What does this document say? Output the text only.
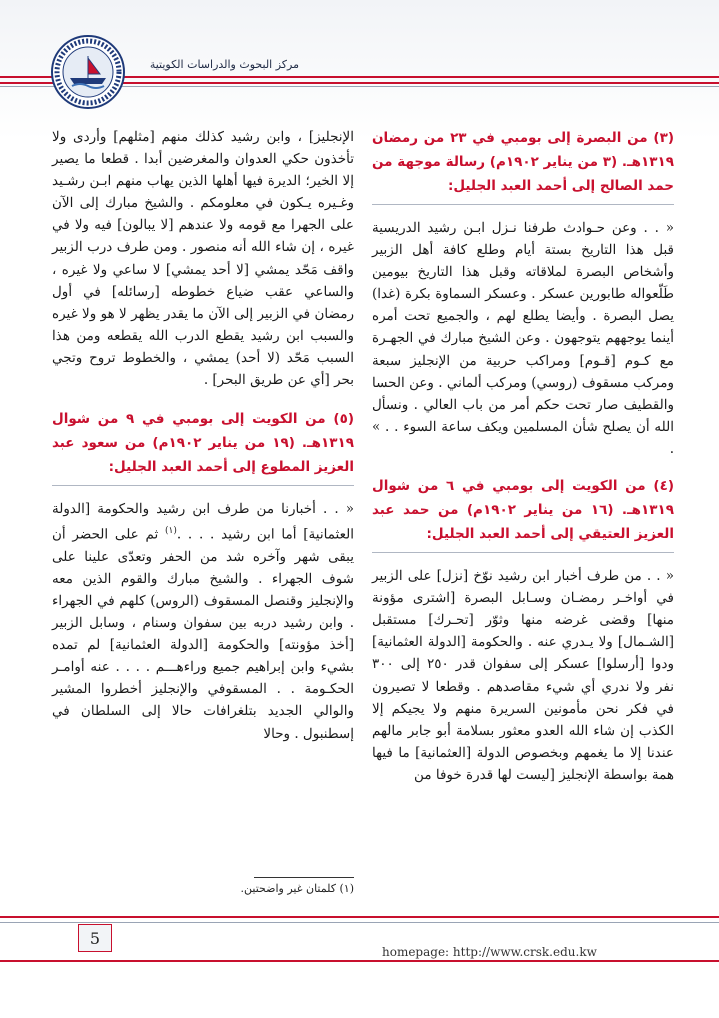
مركز البحوث والدراسات الكويتية
(٣) من البصرة إلى بومبي في ٢٣ من رمضان ١٣١٩هـ. (٣ من يناير ١٩٠٢م) رسالة موجهة من حمد الصالح إلى أحمد العبد الجليل:

« . . وعن حـوادث طرفنا نـزل ابـن رشيد الدريسية قبل هذا التاريخ بستة أيام وطلع كافة أهل الزبير وأشخاص البصرة لملاقاته وقبل هذا التاريخ بيومين طَلّعواله طابورين عسكر . وعسكر السماوة بكرة (غدا) يصل البصرة . وأيضا يطلع لهم ، والجميع تحت أمره أينما يوجههم يتوجهون . وعن الشيخ مبارك في الجهـرة مع كـوم [قـوم] ومراكب حربية من الإنجليز سبعة ومركب مسقوف (روسي) ومركب ألماني . وعن الحسا والقطيف صار تحت حكم أمر من باب العالي . ونسأل الله أن يصلح شأن المسلمين ويكف ساعة السوء . . » .

(٤) من الكويت إلى بومبي في ٦ من شوال ١٣١٩هـ. (١٦ من يناير ١٩٠٢م) من حمد عبد العزيز العتيقي إلى أحمد العبد الجليل:

« . . من طرف أخبار ابن رشيد نوّخ [نزل] على الزبير في أواخـر رمضـان وسـابل البصرة [اشترى مؤونة منها] وقضى غرضه منها وثوّر [تحـرك] مستقبل [الشـمال] ولا يـدري عنه . والحكومة [الدولة العثمانية] ودوا [أرسلوا] عسكر إلى سفوان قدر ٢٥٠ إلى ٣٠٠ نفر ولا ندري أي شيء مقاصدهم . وقطعا لا تصيرون في فكر نحن مأمونين السريرة منهم ولا يجيكم إلا الكذب إن شاء الله العدو معثور بسلامة أبو جابر مالهم عندنا إلا ما يغمهم وبخصوص الدولة [العثمانية] ما فيها همة بواسطة الإنجليز [ليست لها قدرة خوفا من

الإنجليز] ، وابن رشيد كذلك منهم [مثلهم] وأردى ولا تأخذون حكي العدوان والمغرضين أبدا . قطعا ما يصير إلا الخير؛ الديرة فيها أهلها الذين يهاب منهم ابـن رشـيد وغـيره يـكون في معلومكم . والشيخ مبارك إلى الآن على الجهرا مع قومه ولا عندهم [لا يبالون] فيه ولا في غيره ، إن شاء الله أنه منصور . ومن طرف درب الزبير واقف مَحّد يمشي [لا أحد يمشي] لا ساعي ولا غيره ، والساعي عقب ضياع خطوطه [رسائله] في أول رمضان في الزبير إلى الآن ما يقدر يظهر لا هو ولا غيره والسبب ابن رشيد يقطع الدرب الله يقطعه ومن هذا السبب مَحّد (لا أحد) يمشي ، والخطوط تروح وتجي بحر [أي عن طريق البحر] .

(٥) من الكويت إلى بومبي في ٩ من شوال ١٣١٩هـ. (١٩ من يناير ١٩٠٢م) من سعود عبد العزيز المطوع إلى أحمد العبد الجليل:

« . . أخبارنا من طرف ابن رشيد والحكومة [الدولة العثمانية] أما ابن رشيد . . . .$^{(١)}$ ثم على الحضر أن يبقى شهر وآخره شد من الحفر وتعدّى علينا على شوف الجهراء . والشيخ مبارك والقوم الذين معه والإنجليز وقنصل المسقوف (الروس) كلهم في الجهراء . وابن رشيد دربه بين سفوان وسنام ، وسابل الزبير [أخذ مؤونته] والحكومة [الدولة العثمانية] لم تمده بشيء وابن إبراهيم جميع وراءهـــم . . . . عنه أوامـر الحكـومة . . المسقوفي والإنجليز أخطروا المشير والوالي الجديد بتلغرافات حالا إلى السلطان في إسطنبول . وحالا

(١) كلمتان غير واضحتين.
5
homepage: http://www.crsk.edu.kw
